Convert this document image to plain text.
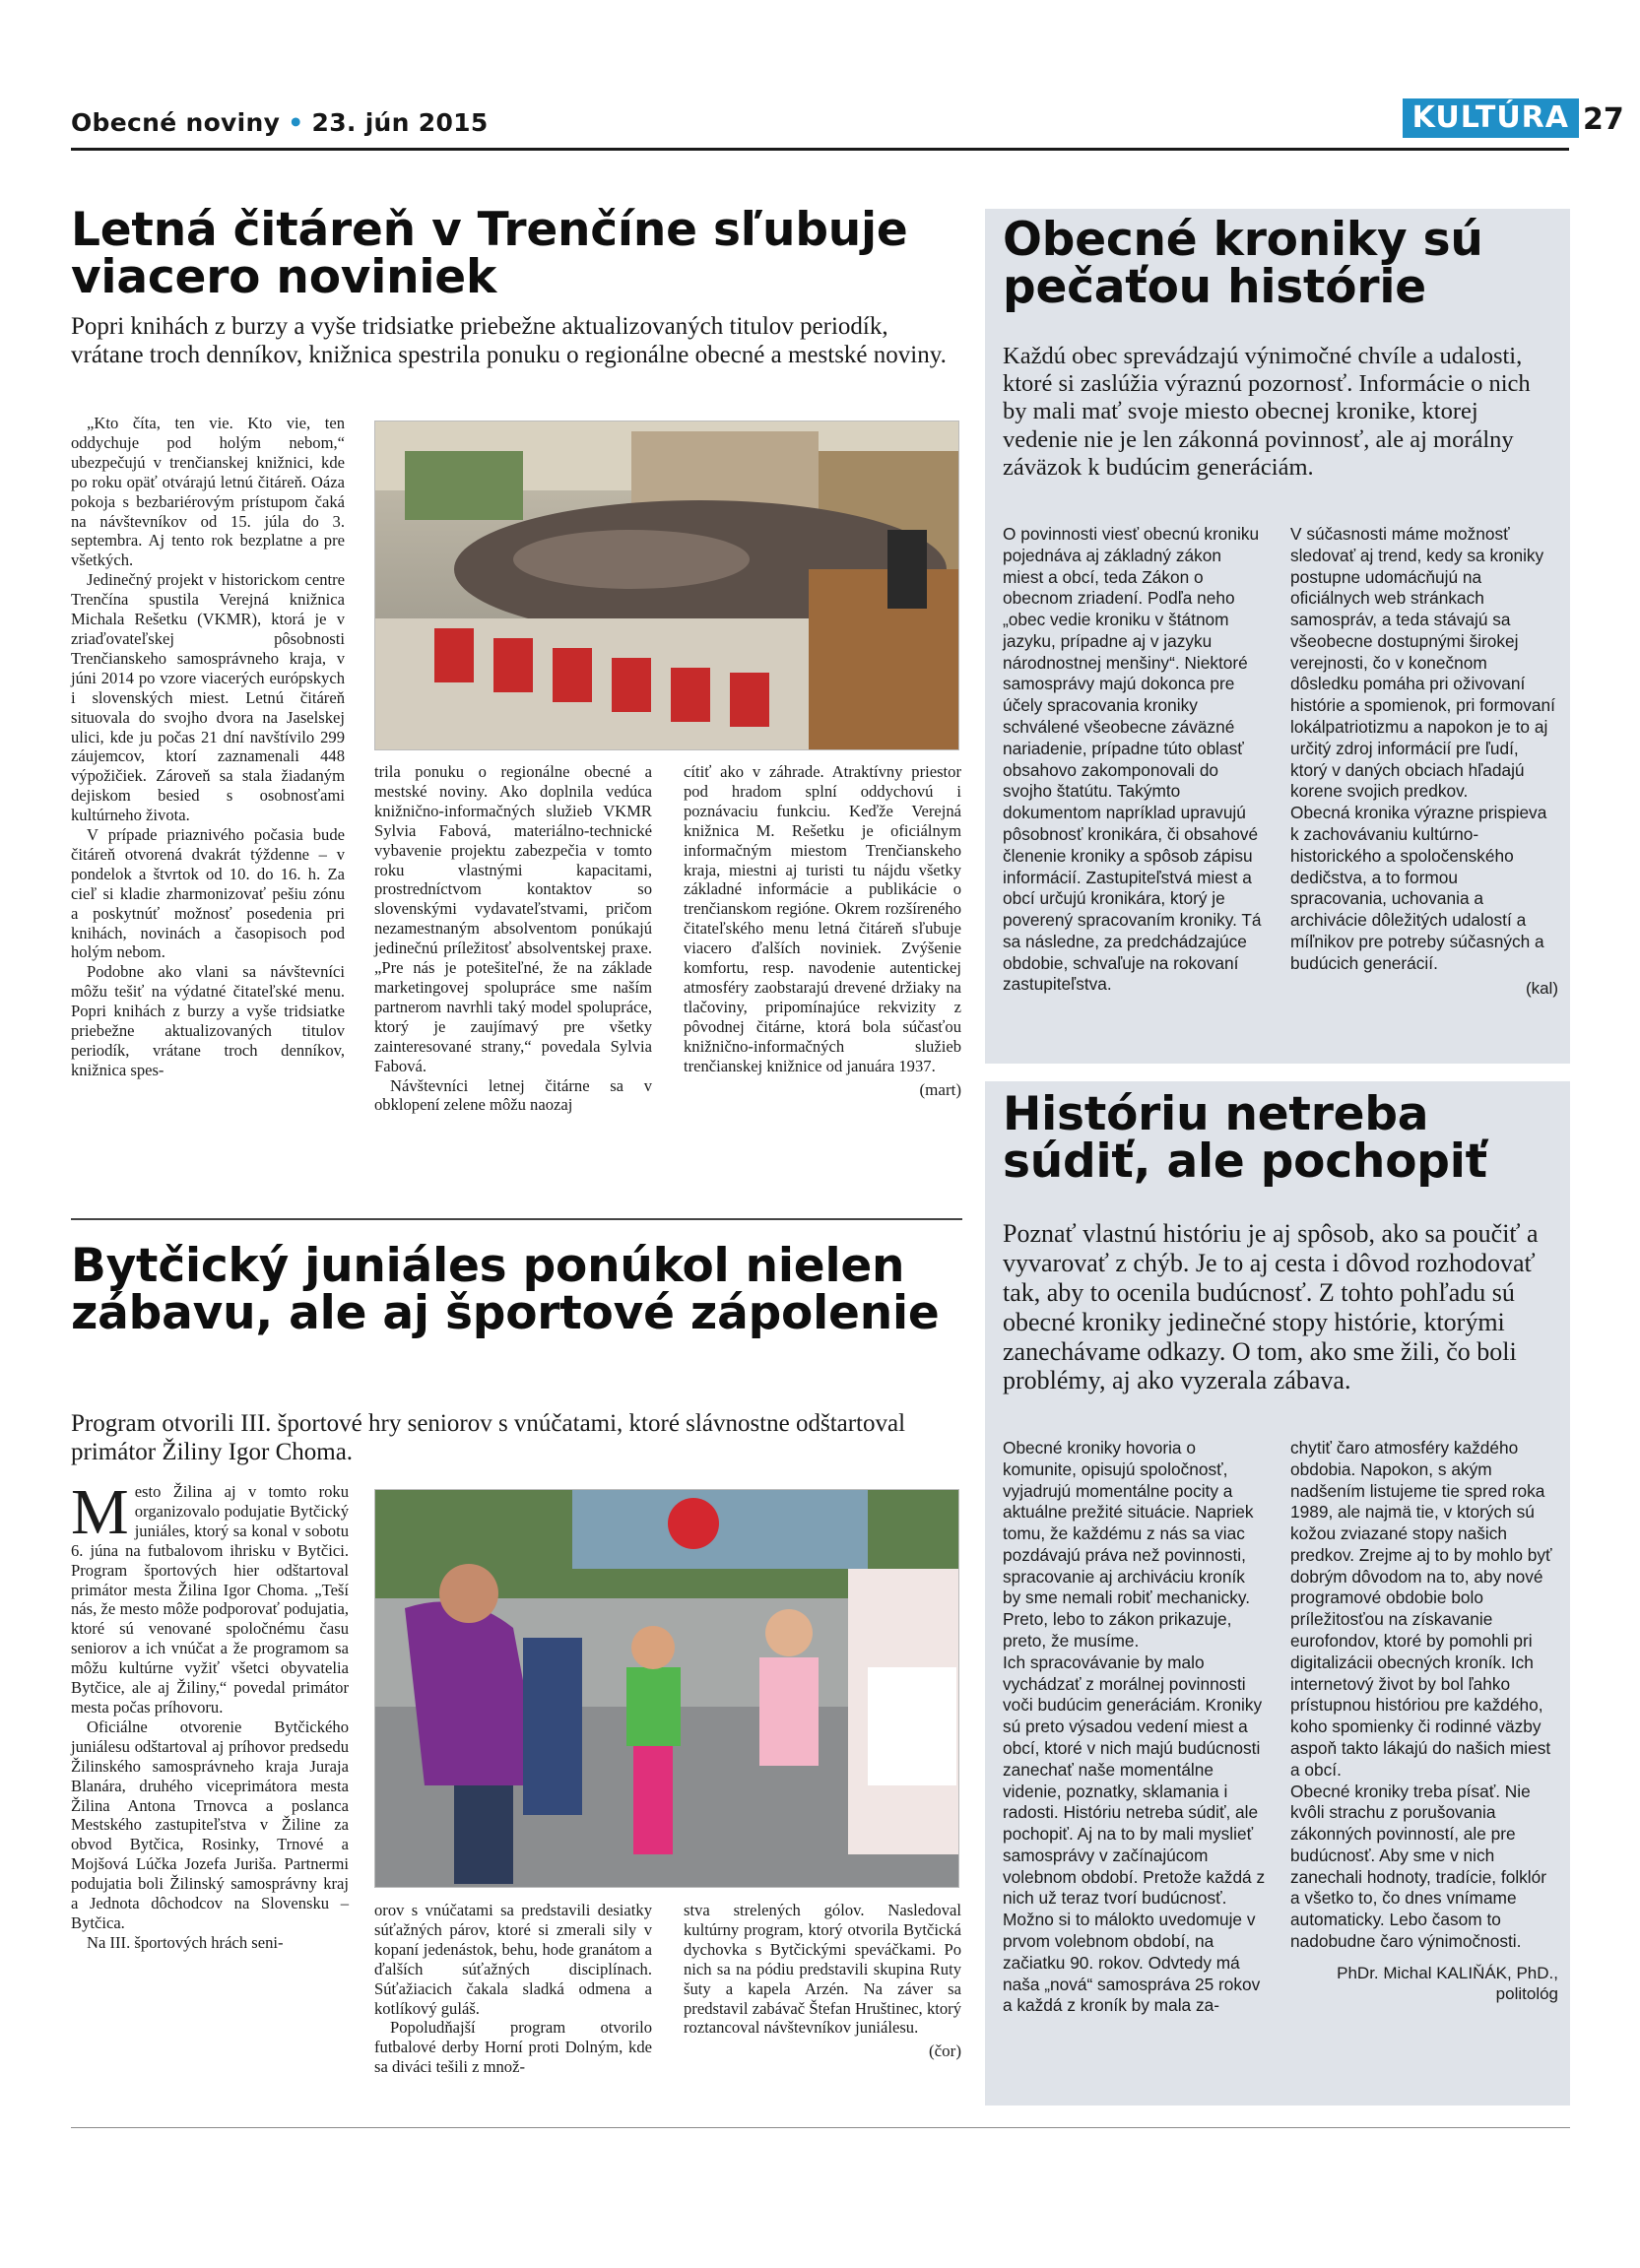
Obecné noviny • 23. jún 2015	KULTÚRA 27
Letná čitáreň v Trenčíne sľubuje viacero noviniek
Popri knihách z burzy a vyše tridsiatke priebežne aktualizovaných titulov periodík, vrátane troch denníkov, knižnica spestrila ponuku o regionálne obecné a mestské noviny.

„Kto číta, ten vie. Kto vie, ten oddychuje pod holým nebom,“ ubezpečujú v trenčianskej knižnici, kde po roku opäť otvárajú letnú čitáreň. Oáza pokoja s bezbariérovým prístupom čaká na návštevníkov od 15. júla do 3. septembra. Aj tento rok bezplatne a pre všetkých.

Jedinečný projekt v historickom centre Trenčína spustila Verejná knižnica Michala Rešetku (VKMR), ktorá je v zriaďovateľskej pôsobnosti Trenčianskeho samosprávneho kraja, v júni 2014 po vzore viacerých európskych i slovenských miest. Letnú čitáreň situovala do svojho dvora na Jaselskej ulici, kde ju počas 21 dní navštívilo 299 záujemcov, ktorí zaznamenali 448 výpožičiek. Zároveň sa stala žiadaným dejiskom besied s osobnosťami kultúrneho života.

V prípade priaznivého počasia bude čitáreň otvorená dvakrát týždenne – v pondelok a štvrtok od 10. do 16. h. Za cieľ si kladie zharmonizovať pešiu zónu a poskytnúť možnosť posedenia pri knihách, novinách a časopisoch pod holým nebom.

Podobne ako vlani sa návštevníci môžu tešiť na výdatné čitateľské menu. Popri knihách z burzy a vyše tridsiatke priebežne aktualizovaných titulov periodík, vrátane troch denníkov, knižnica spes-

trila ponuku o regionálne obecné a mestské noviny. Ako doplnila vedúca knižnično-informačných služieb VKMR Sylvia Fabová, materiálno-technické vybavenie projektu zabezpečia v tomto roku vlastnými kapacitami, prostredníctvom kontaktov so slovenskými vydavateľstvami, pričom nezamestnaným absolventom ponúkajú jedinečnú príležitosť absolventskej praxe. „Pre nás je potešiteľné, že na základe marketingovej spolupráce sme naším partnerom navrhli taký model spolupráce, ktorý je zaujímavý pre všetky zainteresované strany,“ povedala Sylvia Fabová.

Návštevníci letnej čitárne sa v obklopení zelene môžu naozaj

cítiť ako v záhrade. Atraktívny priestor pod hradom splní oddychovú i poznávaciu funkciu. Keďže Verejná knižnica M. Rešetku je oficiálnym informačným miestom Trenčianskeho kraja, miestni aj turisti tu nájdu všetky základné informácie a publikácie o trenčianskom regióne. Okrem rozšíreného čitateľského menu letná čitáreň sľubuje viacero ďalších noviniek. Zvýšenie komfortu, resp. navodenie autentickej atmosféry zaobstarajú drevené držiaky na tlačoviny, pripomínajúce rekvizity z pôvodnej čitárne, ktorá bola súčasťou knižnično-informačných služieb trenčianskej knižnice od januára 1937.

(mart)
Bytčický juniáles ponúkol nielen zábavu, ale aj športové zápolenie
Program otvorili III. športové hry seniorov s vnúčatami, ktoré slávnostne odštartoval primátor Žiliny Igor Choma.

Mesto Žilina aj v tomto roku organizovalo podujatie Bytčický juniáles, ktorý sa konal v sobotu 6. júna na futbalovom ihrisku v Bytčici. Program športových hier odštartoval primátor mesta Žilina Igor Choma. „Teší nás, že mesto môže podporovať podujatia, ktoré sú venované spoločnému času seniorov a ich vnúčat a že programom sa môžu kultúrne vyžiť všetci obyvatelia Bytčice, ale aj Žiliny,“ povedal primátor mesta počas príhovoru.

Oficiálne otvorenie Bytčického juniálesu odštartoval aj príhovor predsedu Žilinského samosprávneho kraja Juraja Blanára, druhého viceprimátora mesta Žilina Antona Trnovca a poslanca Mestského zastupiteľstva v Žiline za obvod Bytčica, Rosinky, Trnové a Mojšová Lúčka Jozefa Juriša. Partnermi podujatia boli Žilinský samosprávny kraj a Jednota dôchodcov na Slovensku – Bytčica.

Na III. športových hrách seni-

orov s vnúčatami sa predstavili desiatky súťažných párov, ktoré si zmerali sily v kopaní jedenástok, behu, hode granátom a ďalších súťažných disciplínach. Súťažiacich čakala sladká odmena a kotlíkový guláš.

Popoludňajší program otvorilo futbalové derby Horní proti Dolným, kde sa diváci tešili z množ-

stva strelených gólov. Nasledoval kultúrny program, ktorý otvorila Bytčická dychovka s Bytčickými speváčkami. Po nich sa na pódiu predstavili skupina Ruty šuty a kapela Arzén. Na záver sa predstavil zabávač Štefan Hruštinec, ktorý roztancoval návštevníkov juniálesu.

(čor)
Obecné kroniky sú pečaťou histórie
Každú obec sprevádzajú výnimočné chvíle a udalosti, ktoré si zaslúžia výraznú pozornosť. Informácie o nich by mali mať svoje miesto obecnej kronike, ktorej vedenie nie je len zákonná povinnosť, ale aj morálny záväzok k budúcim generáciám.

O povinnosti viesť obecnú kroniku pojednáva aj základný zákon miest a obcí, teda Zákon o obecnom zriadení. Podľa neho „obec vedie kroniku v štátnom jazyku, prípadne aj v jazyku národnostnej menšiny“. Niektoré samosprávy majú dokonca pre účely spracovania kroniky schválené všeobecne záväzné nariadenie, prípadne túto oblasť obsahovo zakomponovali do svojho štatútu. Takýmto dokumentom napríklad upravujú pôsobnosť kronikára, či obsahové členenie kroniky a spôsob zápisu informácií. Zastupiteľstvá miest a obcí určujú kronikára, ktorý je poverený spracovaním kroniky. Tá sa následne, za predchádzajúce obdobie, schvaľuje na rokovaní zastupiteľstva.

V súčasnosti máme možnosť sledovať aj trend, kedy sa kroniky postupne udomácňujú na oficiálnych web stránkach samospráv, a teda stávajú sa všeobecne dostupnými širokej verejnosti, čo v konečnom dôsledku pomáha pri oživovaní histórie a spomienok, pri formovaní lokálpatriotizmu a napokon je to aj určitý zdroj informácií pre ľudí, ktorý v daných obciach hľadajú korene svojich predkov.

Obecná kronika výrazne prispieva k zachovávaniu kultúrno-historického a spoločenského dedičstva, a to formou spracovania, uchovania a archivácie dôležitých udalostí a míľnikov pre potreby súčasných a budúcich generácií.

(kal)
Históriu netreba súdiť, ale pochopiť
Poznať vlastnú históriu je aj spôsob, ako sa poučiť a vyvarovať z chýb. Je to aj cesta i dôvod rozhodovať tak, aby to ocenila budúcnosť. Z tohto pohľadu sú obecné kroniky jedinečné stopy histórie, ktorými zanechávame odkazy. O tom, ako sme žili, čo boli problémy, aj ako vyzerala zábava.

Obecné kroniky hovoria o komunite, opisujú spoločnosť, vyjadrujú momentálne pocity a aktuálne prežité situácie. Napriek tomu, že každému z nás sa viac pozdávajú práva než povinnosti, spracovanie aj archiváciu kroník by sme nemali robiť mechanicky. Preto, lebo to zákon prikazuje, preto, že musíme.

Ich spracovávanie by malo vychádzať z morálnej povinnosti voči budúcim generáciám. Kroniky sú preto výsadou vedení miest a obcí, ktoré v nich majú budúcnosti zanechať naše momentálne videnie, poznatky, sklamania i radosti. Históriu netreba súdiť, ale pochopiť. Aj na to by mali myslieť samosprávy v začínajúcom volebnom období. Pretože každá z nich už teraz tvorí budúcnosť. Možno si to málokto uvedomuje v prvom volebnom období, na začiatku 90. rokov. Odvtedy má naša „nová“ samospráva 25 rokov a každá z kroník by mala za-

chytiť čaro atmosféry každého obdobia. Napokon, s akým nadšením listujeme tie spred roka 1989, ale najmä tie, v ktorých sú kožou zviazané stopy našich predkov. Zrejme aj to by mohlo byť dobrým dôvodom na to, aby nové programové obdobie bolo príležitosťou na získavanie eurofondov, ktoré by pomohli pri digitalizácii obecných kroník. Ich internetový život by bol ľahko prístupnou históriou pre každého, koho spomienky či rodinné väzby aspoň takto lákajú do našich miest a obcí.

Obecné kroniky treba písať. Nie kvôli strachu z porušovania zákonných povinností, ale pre budúcnosť. Aby sme v nich zanechali hodnoty, tradície, folklór a všetko to, čo dnes vnímame automaticky. Lebo časom to nadobudne čaro výnimočnosti.

PhDr. Michal KALIŇÁK, PhD.,
politológ
